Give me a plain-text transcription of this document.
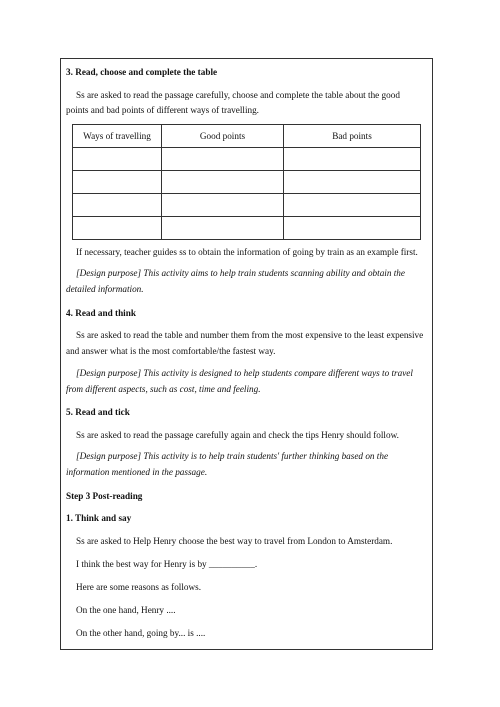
3. Read, choose and complete the table
Ss are asked to read the passage carefully, choose and complete the table about the good
points and bad points of different ways of travelling.
Ways of travelling	Good points	Bad points

If necessary, teacher guides ss to obtain the information of going by train as an example first.
[Design purpose] This activity aims to help train students scanning ability and obtain the
detailed information.
4. Read and think
Ss are asked to read the table and number them from the most expensive to the least expensive
and answer what is the most comfortable/the fastest way.
[Design purpose] This activity is designed to help students compare different ways to travel
from different aspects, such as cost, time and feeling.
5. Read and tick
Ss are asked to read the passage carefully again and check the tips Henry should follow.
[Design purpose] This activity is to help train students' further thinking based on the
information mentioned in the passage.
Step 3 Post-reading
1. Think and say
Ss are asked to Help Henry choose the best way to travel from London to Amsterdam.
I think the best way for Henry is by __________.
Here are some reasons as follows.
On the one hand, Henry ....
On the other hand, going by... is ....
